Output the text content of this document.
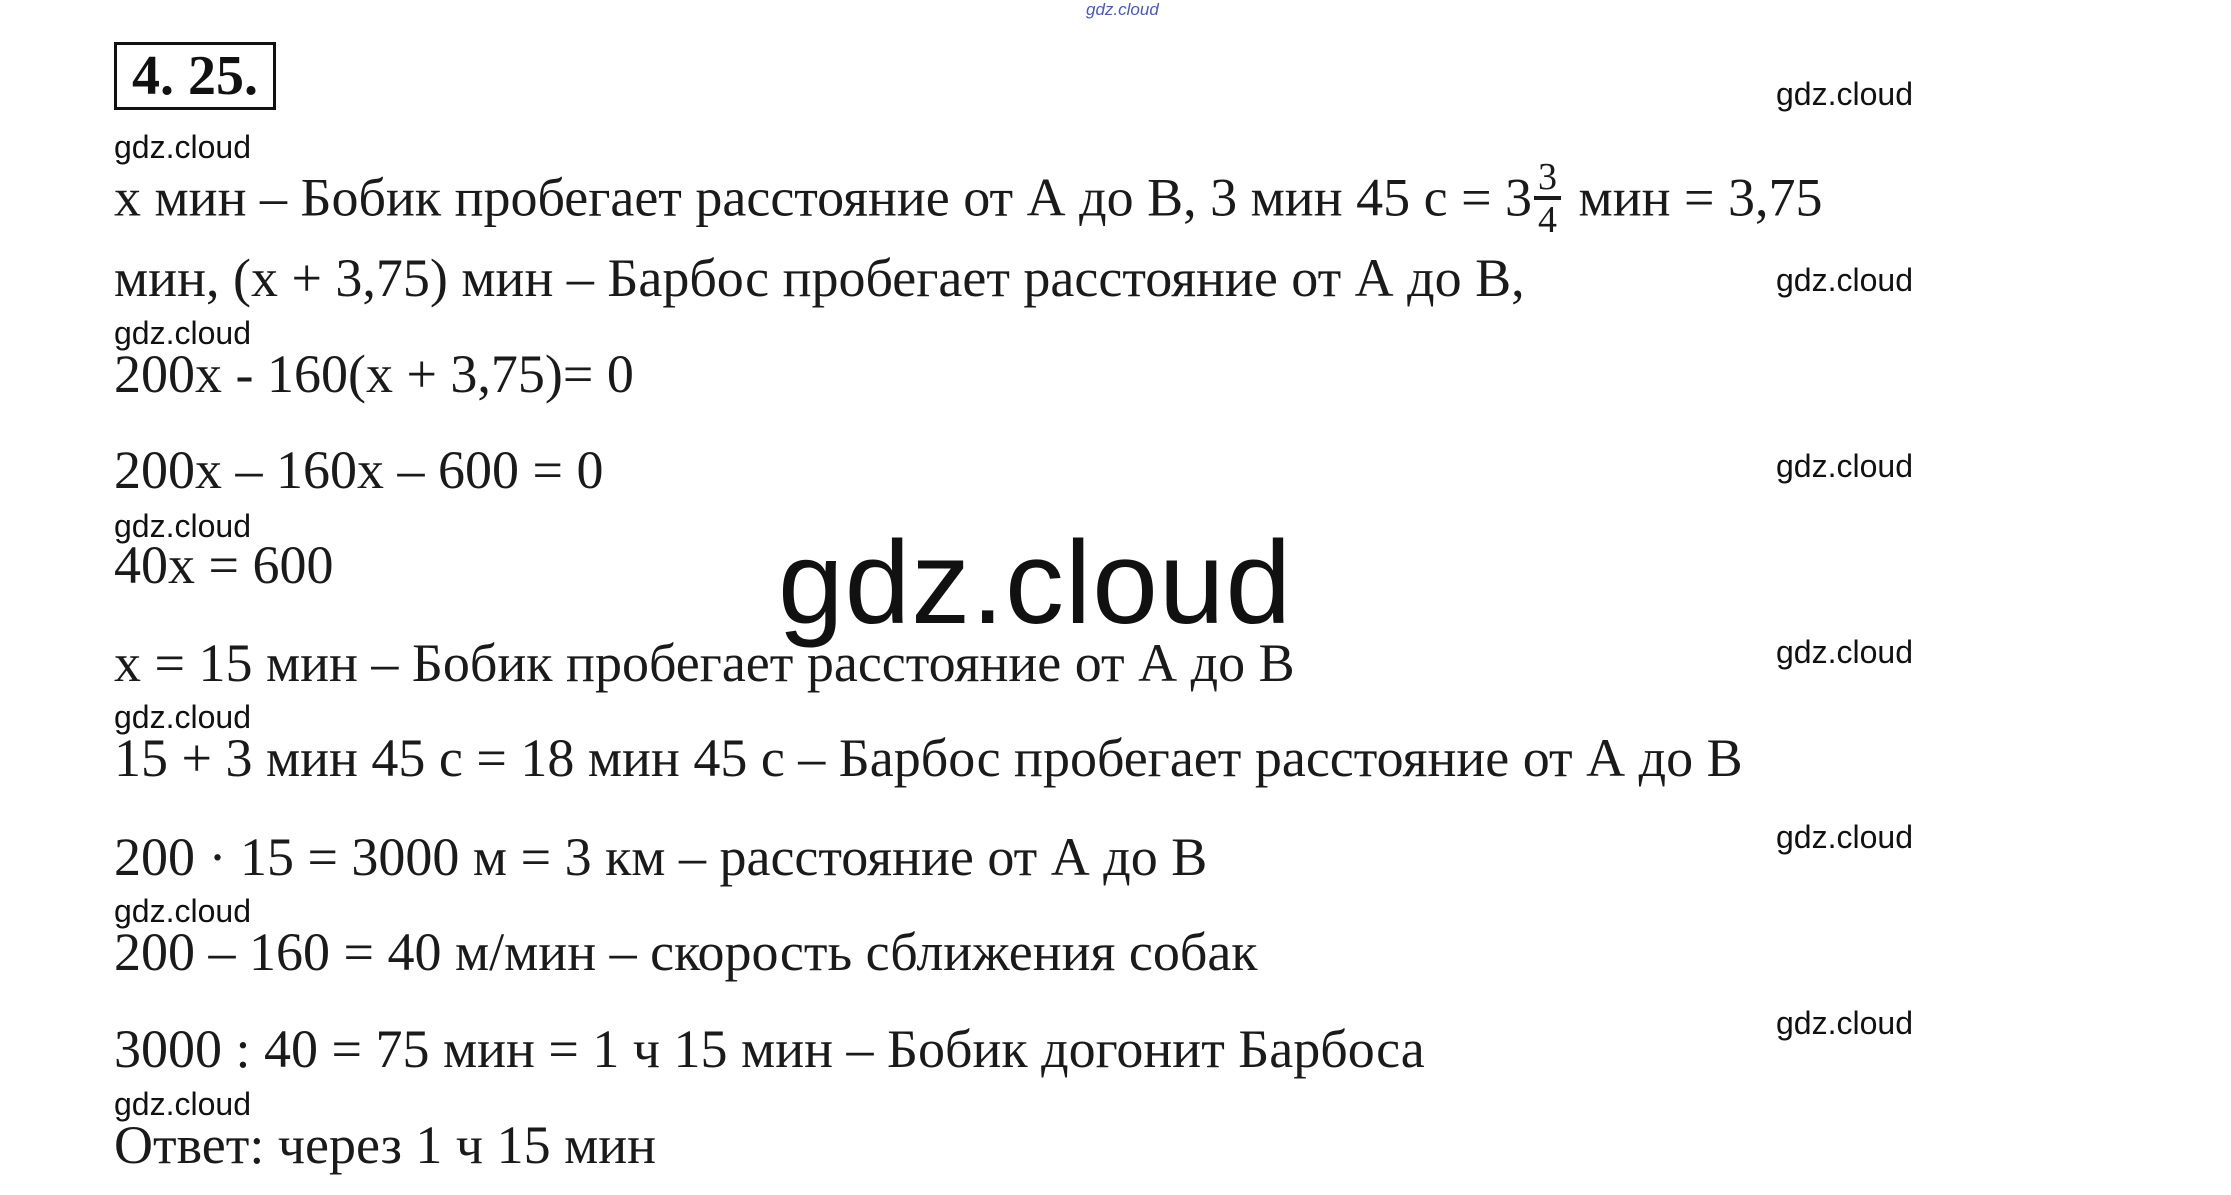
gdz.cloud
4. 25.	gdz.cloud
gdz.cloud
gdz.cloud
gdz.cloud
gdz.cloud
gdz.cloud
gdz.cloud
gdz.cloud
gdz.cloud
gdz.cloud
gdz.cloud
gdz.cloud
gdz.cloud
x мин – Бобик пробегает расстояние от А до В, 3 мин 45 $с = 3 \frac{3}{4}$ мин = 3,75
мин, (x + 3,75) мин – Барбос пробегает расстояние от А до В,
200x - 160(x + 3,75)= 0
200x – 160x – 600 = 0
40x = 600
x = 15 мин – Бобик пробегает расстояние от А до В
15 + 3 мин 45 с = 18 мин 45 с – Барбос пробегает расстояние от А до В
200 · 15 = 3000 м = 3 км – расстояние от А до В
200 – 160 = 40 м/мин – скорость сближения собак
3000 : 40 = 75 мин = 1 ч 15 мин – Бобик догонит Барбоса
Ответ: через 1 ч 15 мин
